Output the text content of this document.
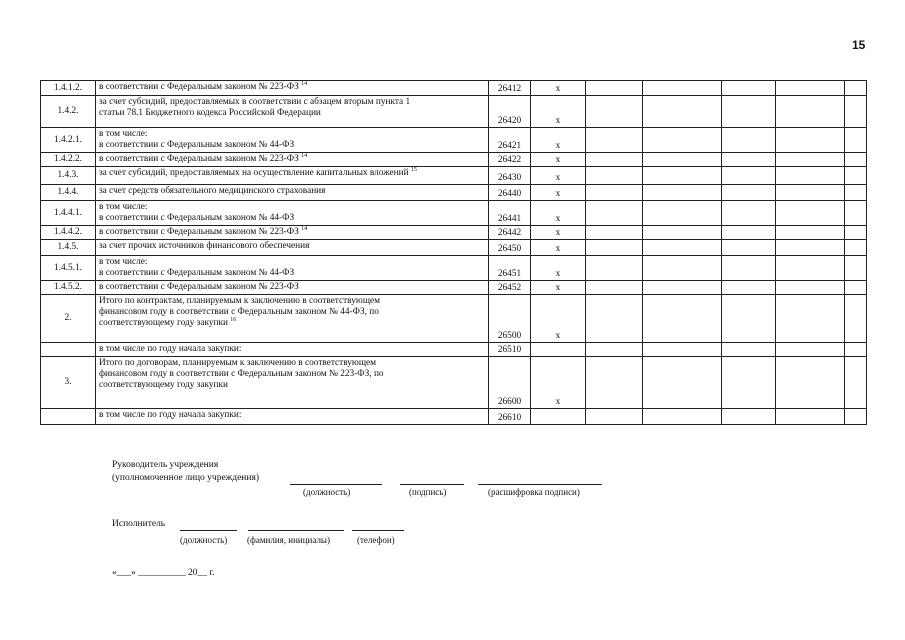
15
1.4.1.2.	в соответствии с Федеральным законом № 223-ФЗ $^{14}$	26412	x					
1.4.2.	за счет субсидий, предоставляемых в соответствии с абзацем вторым пункта 1
статьи 78.1 Бюджетного кодекса Российской Федерации	26420	x					
1.4.2.1.	в том числе:
в соответствии с Федеральным законом № 44-ФЗ	26421	x					
1.4.2.2.	в соответствии с Федеральным законом № 223-ФЗ $^{14}$	26422	x					
1.4.3.	за счет субсидий, предоставляемых на осуществление капитальных вложений $^{15}$	26430	x					
1.4.4.	за счет средств обязательного медицинского страхования	26440	x					
1.4.4.1.	в том числе:
в соответствии с Федеральным законом № 44-ФЗ	26441	x					
1.4.4.2.	в соответствии с Федеральным законом № 223-ФЗ $^{14}$	26442	x					
1.4.5.	за счет прочих источников финансового обеспечения	26450	x					
1.4.5.1.	в том числе:
в соответствии с Федеральным законом № 44-ФЗ	26451	x					
1.4.5.2.	в соответствии с Федеральным законом № 223-ФЗ	26452	x					
2.	Итого по контрактам, планируемым к заключению в соответствующем
финансовом году в соответствии с Федеральным законом № 44-ФЗ, по
соответствующему году закупки $^{16}$	26500	x					

	в том числе по году начала закупки:	26510						
3.	Итого по договорам, планируемым к заключению в соответствующем
финансовом году в соответствии с Федеральным законом № 223-ФЗ, по
соответствующему году закупки	26600	x					

	в том числе по году начала закупки:	26610						
Руководитель учреждения
(уполномоченное лицо учреждения)
(должность)	(подпись)	(расшифровка подписи)
Исполнитель
(должность) (фамилия, инициалы)	(телефон)
«___» __________ 20__ г.
